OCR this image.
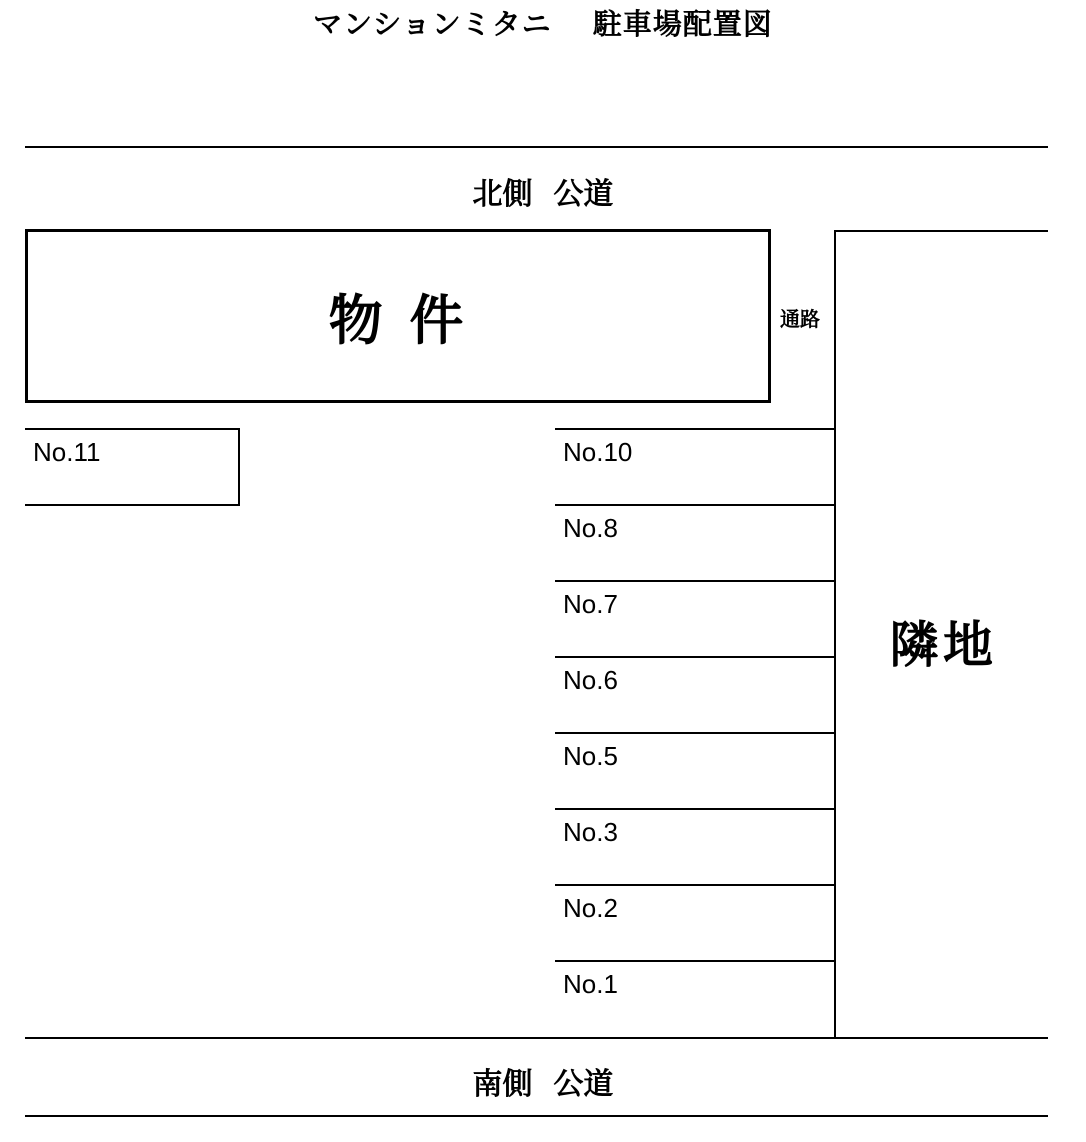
マンションミタニ　 駐車場配置図
北側  公道
物 件	通路
隣地
No.11	No.10
No.8
No.7
No.6
No.5
No.3
No.2
No.1
南側  公道
